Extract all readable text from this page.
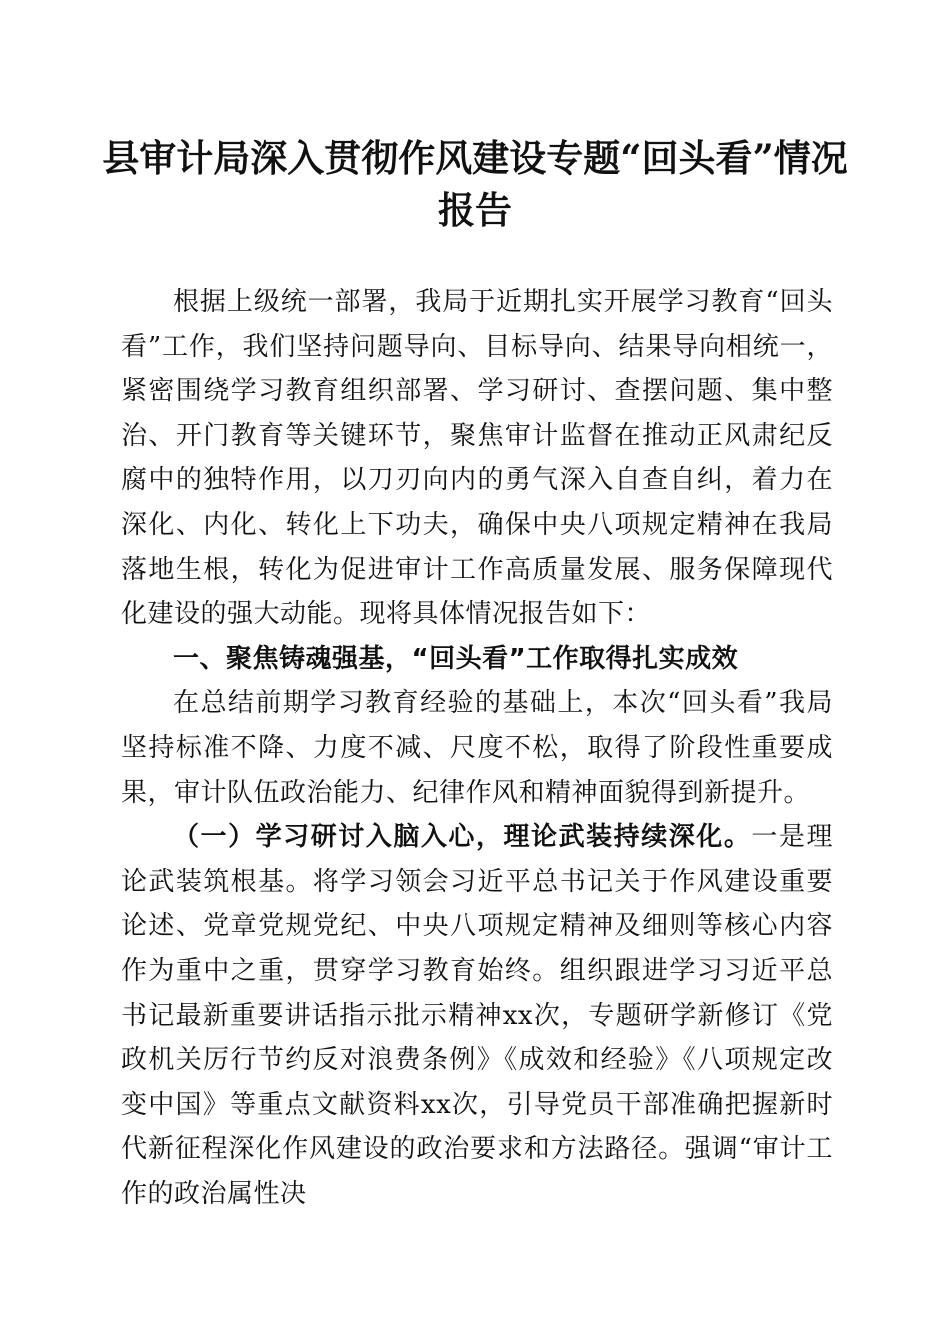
县审计局深入贯彻作风建设专题“回头看”情况报告

根据上级统一部署，我局于近期扎实开展学习教育“回头看”工作，我们坚持问题导向、目标导向、结果导向相统一，紧密围绕学习教育组织部署、学习研讨、查摆问题、集中整治、开门教育等关键环节，聚焦审计监督在推动正风肃纪反腐中的独特作用，以刀刃向内的勇气深入自查自纠，着力在深化、内化、转化上下功夫，确保中央八项规定精神在我局落地生根，转化为促进审计工作高质量发展、服务保障现代化建设的强大动能。现将具体情况报告如下：

一、聚焦铸魂强基，“回头看”工作取得扎实成效

在总结前期学习教育经验的基础上，本次“回头看”我局坚持标准不降、力度不减、尺度不松，取得了阶段性重要成果，审计队伍政治能力、纪律作风和精神面貌得到新提升。

（一）学习研讨入脑入心，理论武装持续深化。一是理论武装筑根基。将学习领会习近平总书记关于作风建设重要论述、党章党规党纪、中央八项规定精神及细则等核心内容作为重中之重，贯穿学习教育始终。组织跟进学习习近平总书记最新重要讲话指示批示精神xx次，专题研学新修订《党政机关厉行节约反对浪费条例》《成效和经验》《八项规定改变中国》等重点文献资料xx次，引导党员干部准确把握新时代新征程深化作风建设的政治要求和方法路径。强调“审计工作的政治属性决
